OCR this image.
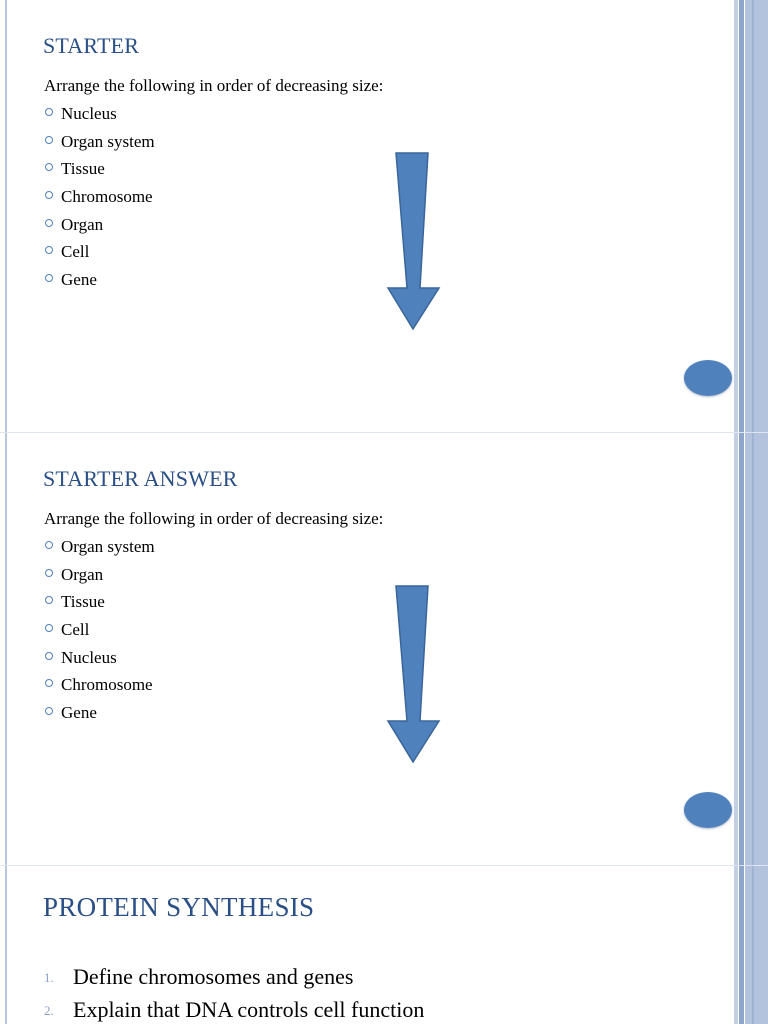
STARTER
Arrange the following in order of decreasing size:
Nucleus
Organ system
Tissue
Chromosome
Organ
Cell
Gene
STARTER ANSWER
Arrange the following in order of decreasing size:
Organ system
Organ
Tissue
Cell
Nucleus
Chromosome
Gene
PROTEIN SYNTHESIS
1. Define chromosomes and genes
2. Explain that DNA controls cell function
